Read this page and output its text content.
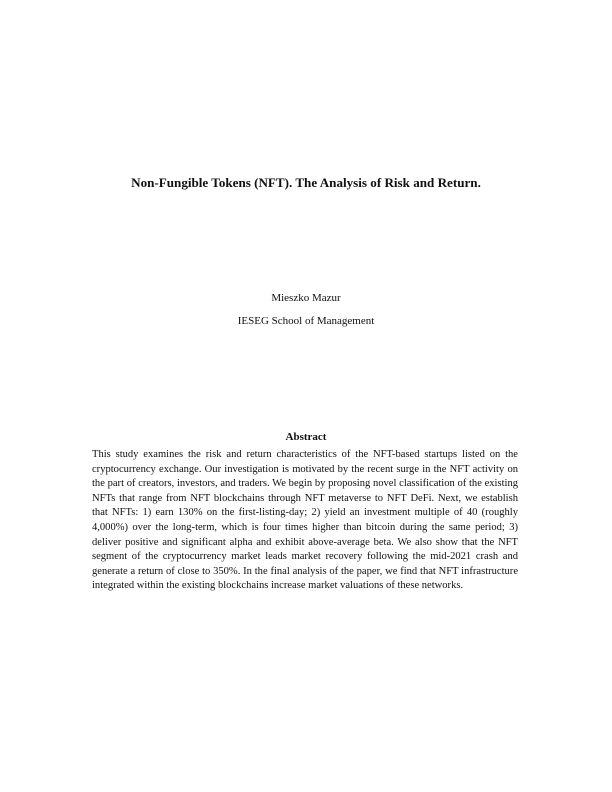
Non-Fungible Tokens (NFT). The Analysis of Risk and Return.

Mieszko Mazur

IESEG School of Management

Abstract

This study examines the risk and return characteristics of the NFT-based startups listed on the cryptocurrency exchange. Our investigation is motivated by the recent surge in the NFT activity on the part of creators, investors, and traders. We begin by proposing novel classification of the existing NFTs that range from NFT blockchains through NFT metaverse to NFT DeFi. Next, we establish that NFTs: 1) earn 130% on the first-listing-day; 2) yield an investment multiple of 40 (roughly 4,000%) over the long-term, which is four times higher than bitcoin during the same period; 3) deliver positive and significant alpha and exhibit above-average beta. We also show that the NFT segment of the cryptocurrency market leads market recovery following the mid-2021 crash and generate a return of close to 350%. In the final analysis of the paper, we find that NFT infrastructure integrated within the existing blockchains increase market valuations of these networks.
